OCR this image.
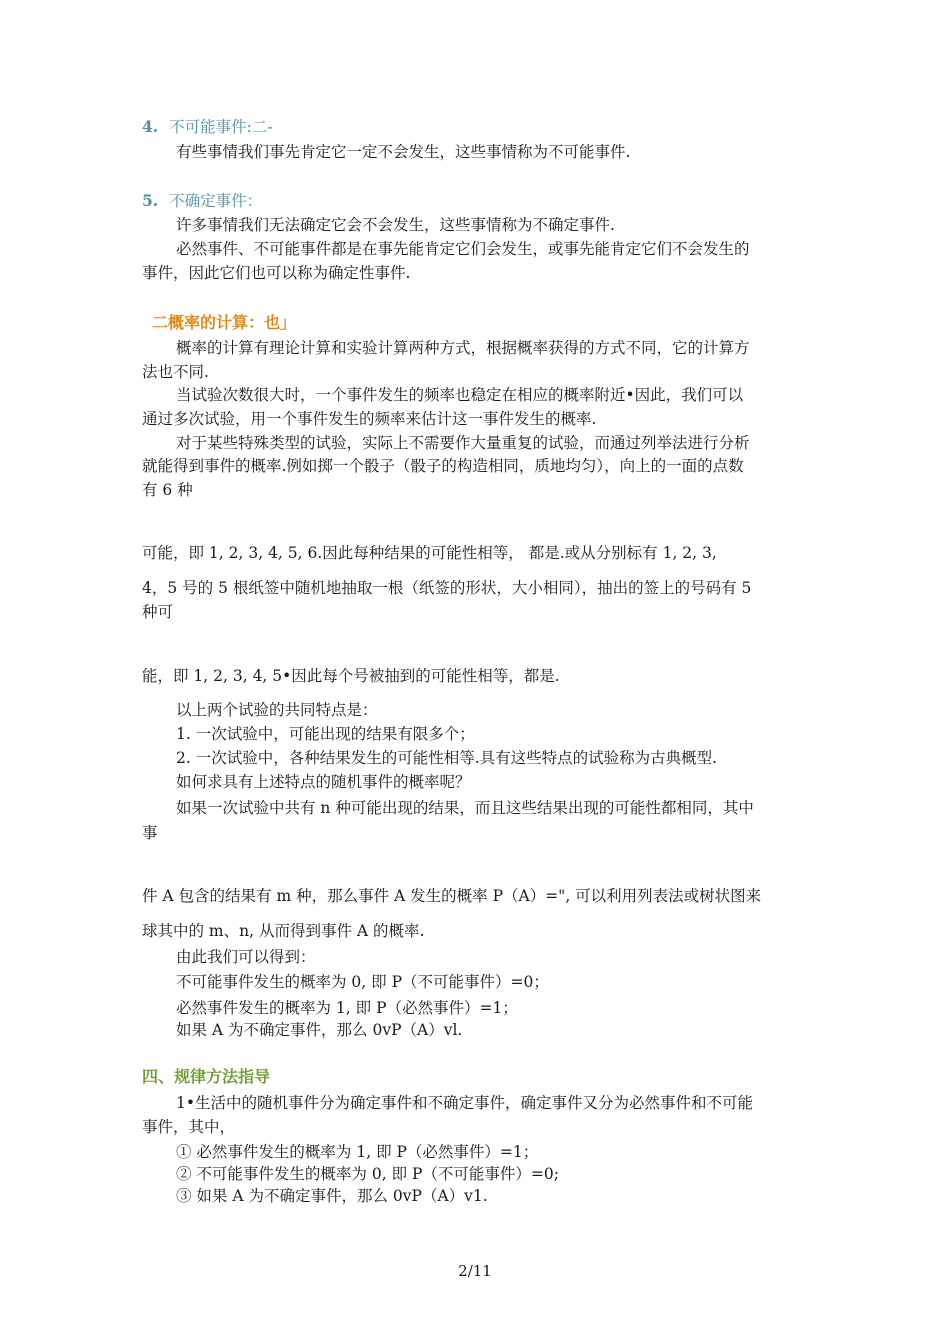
4. 不可能事件:二-
有些事情我们事先肯定它一定不会发生，这些事情称为不可能事件.
5. 不确定事件：
许多事情我们无法确定它会不会发生，这些事情称为不确定事件.
必然事件、不可能事件都是在事先能肯定它们会发生，或事先能肯定它们不会发生的
事件，因此它们也可以称为确定性事件.
二概率的计算：也」
概率的计算有理论计算和实验计算两种方式，根据概率获得的方式不同，它的计算方
法也不同.
当试验次数很大时，一个事件发生的频率也稳定在相应的概率附近•因此，我们可以
通过多次试验，用一个事件发生的频率来估计这一事件发生的概率.
对于某些特殊类型的试验，实际上不需要作大量重复的试验，而通过列举法进行分析
就能得到事件的概率.例如掷一个骰子（骰子的构造相同，质地均匀），向上的一面的点数
有 6 种
可能，即 1, 2, 3, 4, 5, 6.因此每种结果的可能性相等， 都是.或从分别标有 1, 2, 3,
4，5 号的 5 根纸签中随机地抽取一根（纸签的形状，大小相同），抽出的签上的号码有 5
种可
能，即 1, 2, 3, 4, 5•因此每个号被抽到的可能性相等，都是.
以上两个试验的共同特点是：
1. 一次试验中，可能出现的结果有限多个；
2. 一次试验中，各种结果发生的可能性相等.具有这些特点的试验称为古典概型.
如何求具有上述特点的随机事件的概率呢？
如果一次试验中共有 n 种可能出现的结果，而且这些结果出现的可能性都相同，其中
事
件 A 包含的结果有 m 种，那么事件 A 发生的概率 P（A）=", 可以利用列表法或树状图来
球其中的 m、n, 从而得到事件 A 的概率.
由此我们可以得到：
不可能事件发生的概率为 0, 即 P（不可能事件）=0；
必然事件发生的概率为 1, 即 P（必然事件）=1；
如果 A 为不确定事件，那么 0vP（A）vl.
四、规律方法指导
1•生活中的随机事件分为确定事件和不确定事件，确定事件又分为必然事件和不可能
事件，其中，
① 必然事件发生的概率为 1, 即 P（必然事件）=1；
② 不可能事件发生的概率为 0, 即 P（不可能事件）=0;
③ 如果 A 为不确定事件，那么 0vP（A）v1.
2/11
